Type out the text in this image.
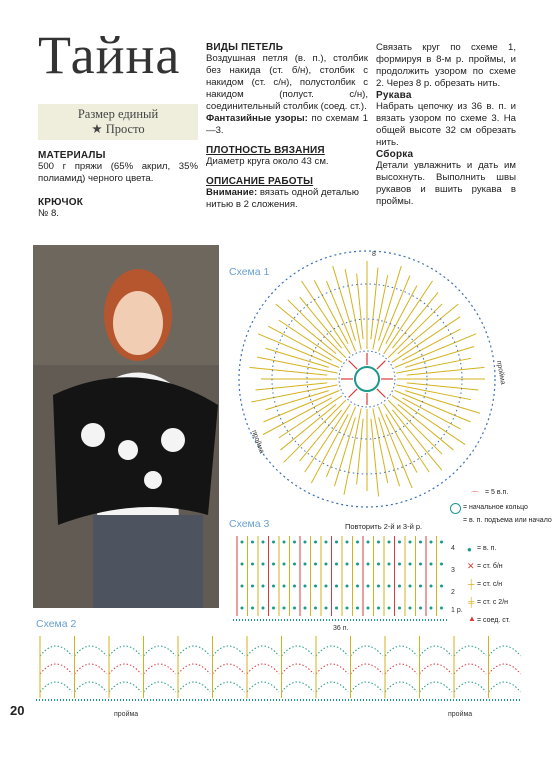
Тайна
Размер единый
★ Просто
МАТЕРИАЛЫ
500 г пряжи (65% акрил, 35% полиамид) черного цвета.
КРЮЧОК
№ 8.
ВИДЫ ПЕТЕЛЬ
Воздушная петля (в. п.), столбик без накида (ст. б/н), столбик с накидом (ст. с/н), полустолбик с накидом (полуст. с/н), соединительный столбик (соед. ст.).
Фантазийные узоры: по схемам 1—3.
ПЛОТНОСТЬ ВЯЗАНИЯ
Диаметр круга около 43 см.
ОПИСАНИЕ РАБОТЫ
Внимание: вязать одной деталью нитью в 2 сложения.
Связать круг по схеме 1, формируя в 8-м р. проймы, и продолжить узором по схеме 2. Через 8 р. обрезать нить.
Рукава
Набрать цепочку из 36 в. п. и вязать узором по схеме 3. На общей высоте 32 см обрезать нить.
Сборка
Детали увлажнить и дать им высохнуть. Выполнить швы рукавов и вшить рукава в проймы.
Схема 1
8
пройма
пройма
= 5 в.п.
⌒
= начальное кольцо
= в. п. подъема или начало
= в. п.
= ст. б/н
= ст. с/н
= ст. с 2/н
= соед. ст.
●
✕
┼
╪
▲
Схема 3	Повторить 2-й и 3-й р.
4
3
2
1 р.
36 п.
Схема 2
пройма	пройма
20
